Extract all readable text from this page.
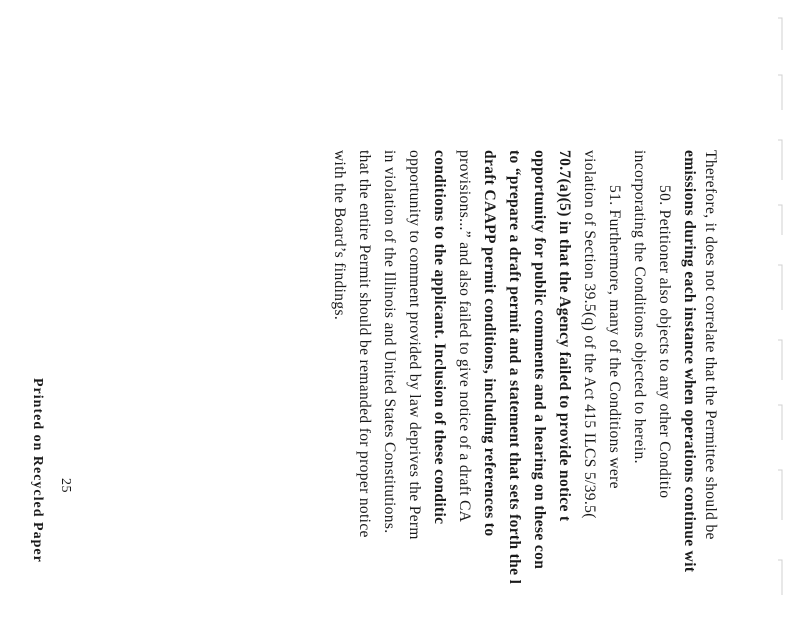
Therefore, it does not correlate that the Permittee should be
emissions during each instance when operations continue wit
50. Petitioner also objects to any other Conditio
incorporating the Conditions objected to herein.
51. Furthermore, many of the Conditions were
violation of Section 39.5(q) of the Act 415 ILCS 5/39.5(
70.7(a)(5) in that the Agency failed to provide notice t
opportunity for public comments and a hearing on these con
to “prepare a draft permit and a statement that sets forth the l
draft CAAPP permit conditions, including references to
provisions...” and also failed to give notice of a draft CA
conditions to the applicant. Inclusion of these conditic
opportunity to comment provided by law deprives the Perm
in violation of the Illinois and United States Constitutions.
that the entire Permit should be remanded for proper notice
with the Board’s findings.
25
Printed on Recycled Paper
